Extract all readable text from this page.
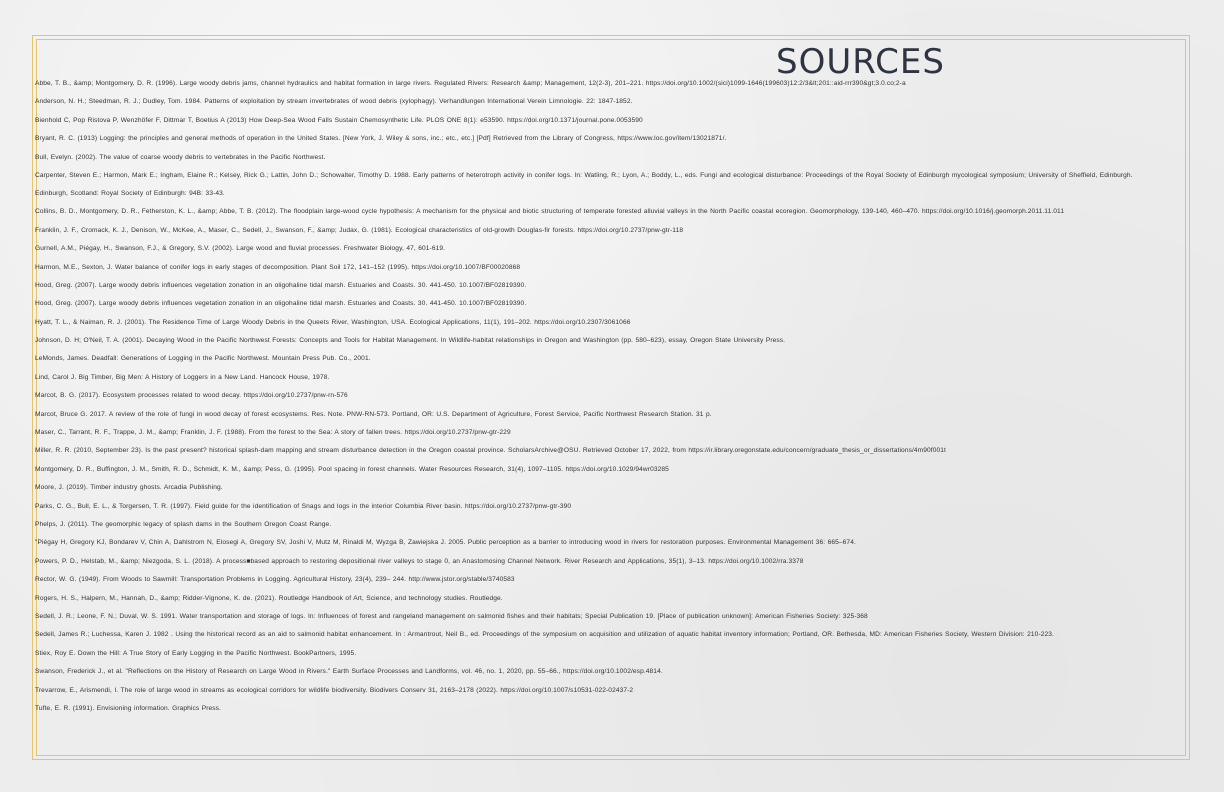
SOURCES
Abbe, T. B., &amp; Montgomery, D. R. (1996). Large woody debris jams, channel hydraulics and habitat formation in large rivers. Regulated Rivers: Research &amp; Management, 12(2-3), 201–221. https://doi.org/10.1002/(sici)1099-1646(199603)12:2/3&lt;201::aid-rrr390&gt;3.0.co;2-a
Anderson, N. H.; Steedman, R. J.; Dudley, Tom. 1984. Patterns of exploitation by stream invertebrates of wood debris (xylophagy). Verhandlungen International Verein Limnologie. 22: 1847-1852.
Bienhold C, Pop Ristova P, Wenzhöfer F, Dittmar T, Boetius A (2013) How Deep-Sea Wood Falls Sustain Chemosynthetic Life. PLOS ONE 8(1): e53590. https://doi.org/10.1371/journal.pone.0053590
Bryant, R. C. (1913) Logging: the principles and general methods of operation in the United States. [New York, J. Wiley & sons, inc.; etc., etc.] [Pdf] Retrieved from the Library of Congress, https://www.loc.gov/item/13021871/.
Bull, Evelyn. (2002). The value of coarse woody debris to vertebrates in the Pacific Northwest.
Carpenter, Steven E.; Harmon, Mark E.; Ingham, Elaine R.; Kelsey, Rick G.; Lattin, John D.; Schowalter, Timothy D. 1988. Early patterns of heterotroph activity in conifer logs. In: Watling, R.; Lyon, A.; Boddy, L., eds. Fungi and ecological disturbance: Proceedings of the Royal Society of Edinburgh mycological symposium; University of Sheffield, Edinburgh.
Edinburgh, Scotland: Royal Society of Edinburgh: 94B: 33-43.
Collins, B. D., Montgomery, D. R., Fetherston, K. L., &amp; Abbe, T. B. (2012). The floodplain large-wood cycle hypothesis: A mechanism for the physical and biotic structuring of temperate forested alluvial valleys in the North Pacific coastal ecoregion. Geomorphology, 139-140, 460–470. https://doi.org/10.1016/j.geomorph.2011.11.011
Franklin, J. F., Cromack, K. J., Denison, W., McKee, A., Maser, C., Sedell, J., Swanson, F., &amp; Judax, G. (1981). Ecological characteristics of old-growth Douglas-fir forests. https://doi.org/10.2737/pnw-gtr-118
Gurnell, A.M., Piégay, H., Swanson, F.J., & Gregory, S.V. (2002). Large wood and fluvial processes. Freshwater Biology, 47, 601-619.
Harmon, M.E., Sexton, J. Water balance of conifer logs in early stages of decomposition. Plant Soil 172, 141–152 (1995). https://doi.org/10.1007/BF00020868
Hood, Greg. (2007). Large woody debris influences vegetation zonation in an oligohaline tidal marsh. Estuaries and Coasts. 30. 441-450. 10.1007/BF02819390.
Hood, Greg. (2007). Large woody debris influences vegetation zonation in an oligohaline tidal marsh. Estuaries and Coasts. 30. 441-450. 10.1007/BF02819390.
Hyatt, T. L., & Naiman, R. J. (2001). The Residence Time of Large Woody Debris in the Queets River, Washington, USA. Ecological Applications, 11(1), 191–202. https://doi.org/10.2307/3061066
Johnson, D. H; O'Neil, T. A. (2001). Decaying Wood in the Pacific Northwest Forests: Concepts and Tools for Habitat Management. In Wildlife-habitat relationships in Oregon and Washington (pp. 580–623), essay, Oregon State University Press.
LeMonds, James. Deadfall: Generations of Logging in the Pacific Northwest. Mountain Press Pub. Co., 2001.
Lind, Carol J. Big Timber, Big Men: A History of Loggers in a New Land. Hancock House, 1978.
Marcot, B. G. (2017). Ecosystem processes related to wood decay. https://doi.org/10.2737/pnw-rn-576
Marcot, Bruce G. 2017. A review of the role of fungi in wood decay of forest ecosystems. Res. Note. PNW-RN-573. Portland, OR: U.S. Department of Agriculture, Forest Service, Pacific Northwest Research Station. 31 p.
Maser, C., Tarrant, R. F., Trappe, J. M., &amp; Franklin, J. F. (1988). From the forest to the Sea: A story of fallen trees. https://doi.org/10.2737/pnw-gtr-229
Miller, R. R. (2010, September 23). Is the past present? historical splash-dam mapping and stream disturbance detection in the Oregon coastal province. ScholarsArchive@OSU. Retrieved October 17, 2022, from https://ir.library.oregonstate.edu/concern/graduate_thesis_or_dissertations/4m90f001t
Montgomery, D. R., Buffington, J. M., Smith, R. D., Schmidt, K. M., &amp; Pess, G. (1995). Pool spacing in forest channels. Water Resources Research, 31(4), 1097–1105. https://doi.org/10.1029/94wr03285
Moore, J. (2019). Timber industry ghosts. Arcadia Publishing.
Parks, C. G., Bull, E. L., & Torgersen, T. R. (1997). Field guide for the identification of Snags and logs in the interior Columbia River basin. https://doi.org/10.2737/pnw-gtr-390
Phelps, J. (2011). The geomorphic legacy of splash dams in the Southern Oregon Coast Range.
"Piégay H, Gregory KJ, Bondarev V, Chin A, Dahlstrom N, Elosegi A, Gregory SV, Joshi V, Mutz M, Rinaldi M, Wyzga B, Zawiejska J. 2005. Public perception as a barrier to introducing wood in rivers for restoration purposes. Environmental Management 36: 665–674.
Powers, P. D., Helstab, M., &amp; Niezgoda, S. L. (2018). A process■based approach to restoring depositional river valleys to stage 0, an Anastomosing Channel Network. River Research and Applications, 35(1), 3–13. https://doi.org/10.1002/rra.3378
Rector, W. G. (1949). From Woods to Sawmill: Transportation Problems in Logging. Agricultural History, 23(4), 239– 244. http://www.jstor.org/stable/3740583
Rogers, H. S., Halpern, M., Hannah, D., &amp; Ridder-Vignone, K. de. (2021). Routledge Handbook of Art, Science, and technology studies. Routledge.
Sedell, J. R.; Leone, F. N.; Duval, W. S. 1991. Water transportation and storage of logs. In: Influences of forest and rangeland management on salmonid fishes and their habitats; Special Publication 19. [Place of publication unknown]: American Fisheries Society: 325-368
Sedell, James R.; Luchessa, Karen J. 1982 . Using the historical record as an aid to salmonid habitat enhancement. In : Armantrout, Neil B., ed. Proceedings of the symposium on acquisition and utilization of aquatic habitat inventory information; Portland, OR. Bethesda, MD: American Fisheries Society, Western Division: 210-223.
Stiex, Roy E. Down the Hill: A True Story of Early Logging in the Pacific Northwest. BookPartners, 1995.
Swanson, Frederick J., et al. "Reflections on the History of Research on Large Wood in Rivers." Earth Surface Processes and Landforms, vol. 46, no. 1, 2020, pp. 55–66., https://doi.org/10.1002/esp.4814.
Trevarrow, E., Arismendi, I. The role of large wood in streams as ecological corridors for wildlife biodiversity. Biodivers Conserv 31, 2163–2178 (2022). https://doi.org/10.1007/s10531-022-02437-2
Tufte, E. R. (1991). Envisioning information. Graphics Press.
